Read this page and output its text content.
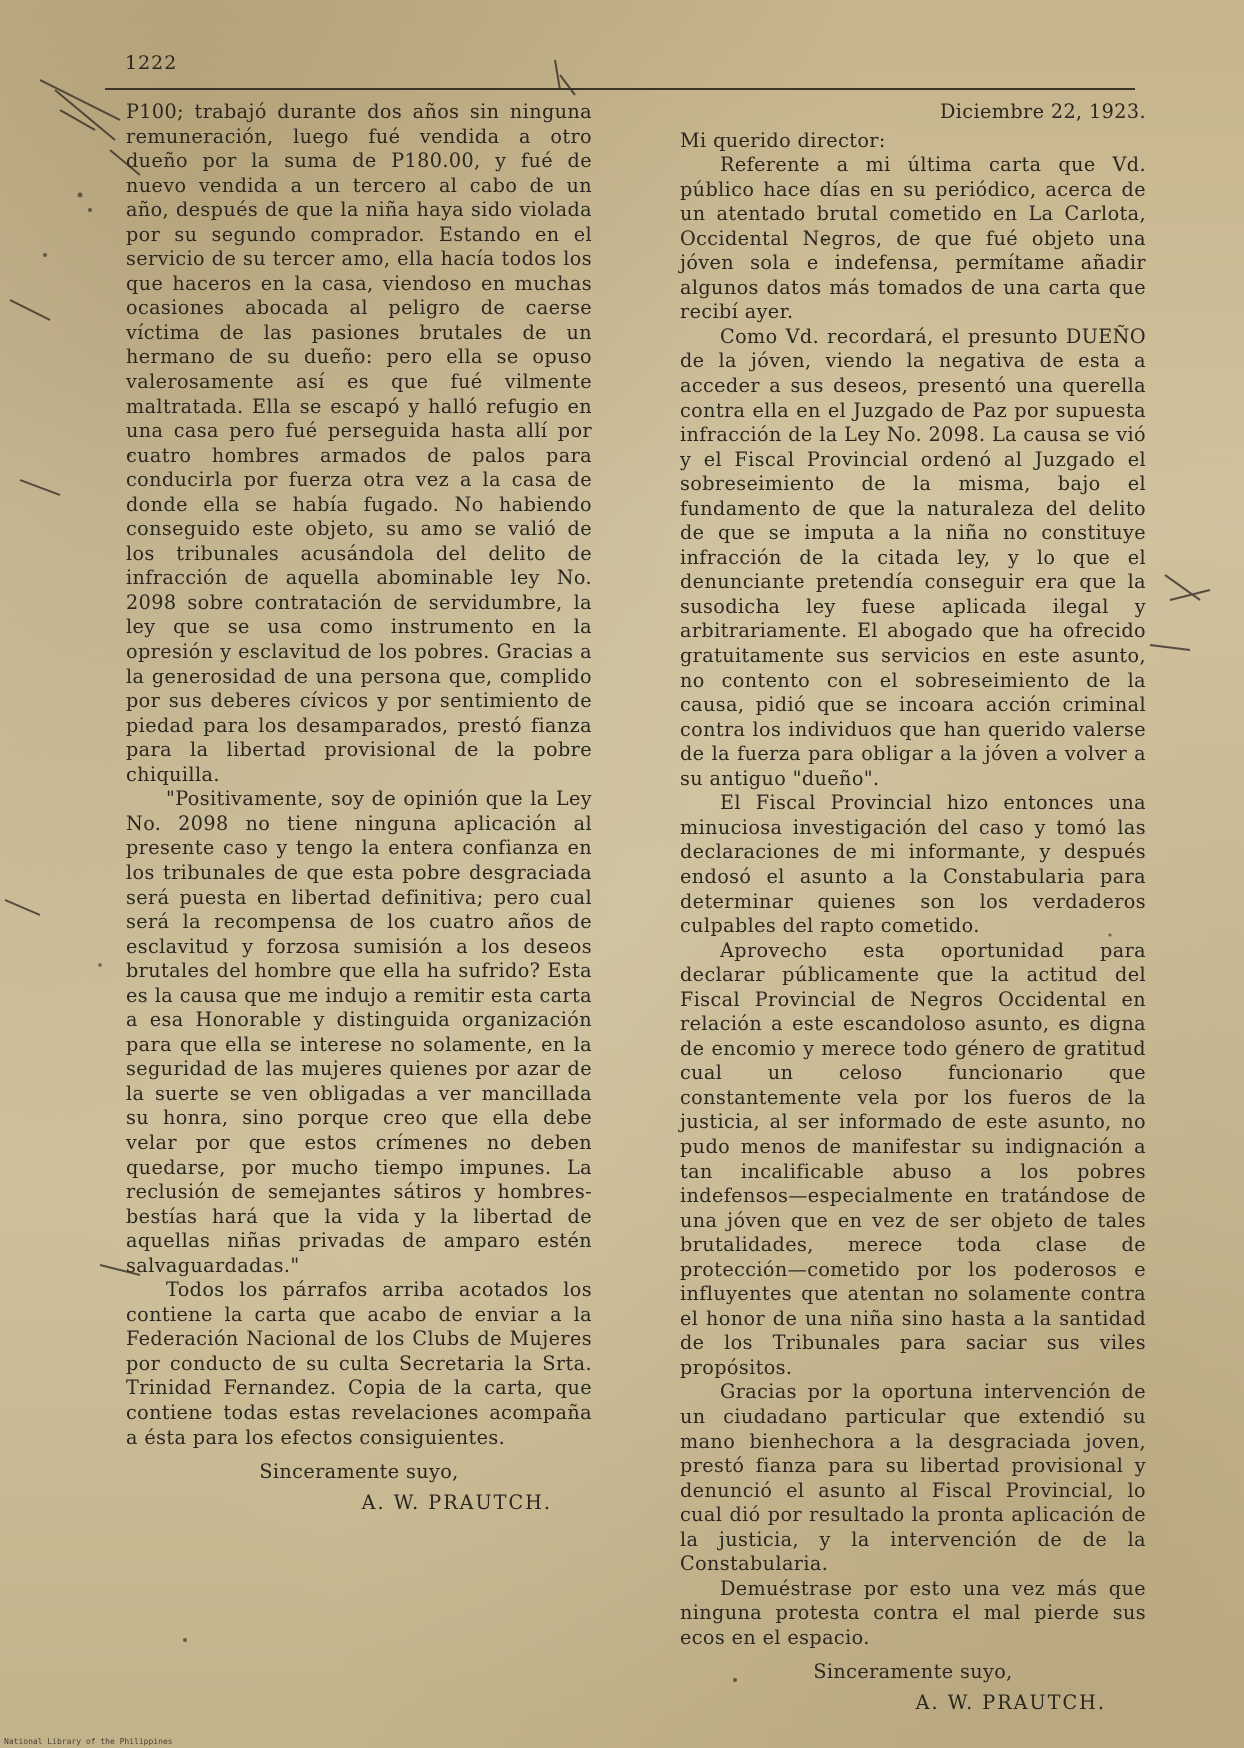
1222

P100; trabajó durante dos años sin ninguna remuneración, luego fué vendida a otro dueño por la suma de P180.00, y fué de nuevo vendida a un tercero al cabo de un año, después de que la niña haya sido violada por su segundo comprador. Estando en el servicio de su tercer amo, ella hacía todos los que haceros en la casa, viendoso en muchas ocasiones abocada al peligro de caerse víctima de las pasiones brutales de un hermano de su dueño: pero ella se opuso valerosamente así es que fué vilmente maltratada. Ella se escapó y halló refugio en una casa pero fué perseguida hasta allí por cuatro hombres armados de palos para conducirla por fuerza otra vez a la casa de donde ella se había fugado. No habiendo conseguido este objeto, su amo se valió de los tribunales acusándola del delito de infracción de aquella abominable ley No. 2098 sobre contratación de servidumbre, la ley que se usa como instrumento en la opresión y esclavitud de los pobres. Gracias a la generosidad de una persona que, complido por sus deberes cívicos y por sentimiento de piedad para los desamparados, prestó fianza para la libertad provisional de la pobre chiquilla.

"Positivamente, soy de opinión que la Ley No. 2098 no tiene ninguna aplicación al presente caso y tengo la entera confianza en los tribunales de que esta pobre desgraciada será puesta en libertad definitiva; pero cual será la recompensa de los cuatro años de esclavitud y forzosa sumisión a los deseos brutales del hombre que ella ha sufrido? Esta es la causa que me indujo a remitir esta carta a esa Honorable y distinguida organización para que ella se interese no solamente, en la seguridad de las mujeres quienes por azar de la suerte se ven obligadas a ver mancillada su honra, sino porque creo que ella debe velar por que estos crímenes no deben quedarse, por mucho tiempo impunes. La reclusión de semejantes sátiros y hombres-bestías hará que la vida y la libertad de aquellas niñas privadas de amparo estén salvaguardadas."

Todos los párrafos arriba acotados los contiene la carta que acabo de enviar a la Federación Nacional de los Clubs de Mujeres por conducto de su culta Secretaria la Srta. Trinidad Fernandez. Copia de la carta, que contiene todas estas revelaciones acompaña a ésta para los efectos consiguientes.

Sinceramente suyo,

A. W. PRAUTCH.

Diciembre 22, 1923.

Mi querido director:

Referente a mi última carta que Vd. público hace días en su periódico, acerca de un atentado brutal cometido en La Carlota, Occidental Negros, de que fué objeto una jóven sola e indefensa, permítame añadir algunos datos más tomados de una carta que recibí ayer.

Como Vd. recordará, el presunto DUEÑO de la jóven, viendo la negativa de esta a acceder a sus deseos, presentó una querella contra ella en el Juzgado de Paz por supuesta infracción de la Ley No. 2098. La causa se vió y el Fiscal Provincial ordenó al Juzgado el sobreseimiento de la misma, bajo el fundamento de que la naturaleza del delito de que se imputa a la niña no constituye infracción de la citada ley, y lo que el denunciante pretendía conseguir era que la susodicha ley fuese aplicada ilegal y arbitrariamente. El abogado que ha ofrecido gratuitamente sus servicios en este asunto, no contento con el sobreseimiento de la causa, pidió que se incoara acción criminal contra los individuos que han querido valerse de la fuerza para obligar a la jóven a volver a su antiguo "dueño".

El Fiscal Provincial hizo entonces una minuciosa investigación del caso y tomó las declaraciones de mi informante, y después endosó el asunto a la Constabularia para determinar quienes son los verdaderos culpables del rapto cometido.

Aprovecho esta oportunidad para declarar públicamente que la actitud del Fiscal Provincial de Negros Occidental en relación a este escandoloso asunto, es digna de encomio y merece todo género de gratitud cual un celoso funcionario que constantemente vela por los fueros de la justicia, al ser informado de este asunto, no pudo menos de manifestar su indignación a tan incalificable abuso a los pobres indefensos—especialmente en tratándose de una jóven que en vez de ser objeto de tales brutalidades, merece toda clase de protección—cometido por los poderosos e influyentes que atentan no solamente contra el honor de una niña sino hasta a la santidad de los Tribunales para saciar sus viles propósitos.

Gracias por la oportuna intervención de un ciudadano particular que extendió su mano bienhechora a la desgraciada joven, prestó fianza para su libertad provisional y denunció el asunto al Fiscal Provincial, lo cual dió por resultado la pronta aplicación de la justicia, y la intervención de de la Constabularia.

Demuéstrase por esto una vez más que ninguna protesta contra el mal pierde sus ecos en el espacio.

Sinceramente suyo,

A. W. PRAUTCH.

National Library of the Philippines
